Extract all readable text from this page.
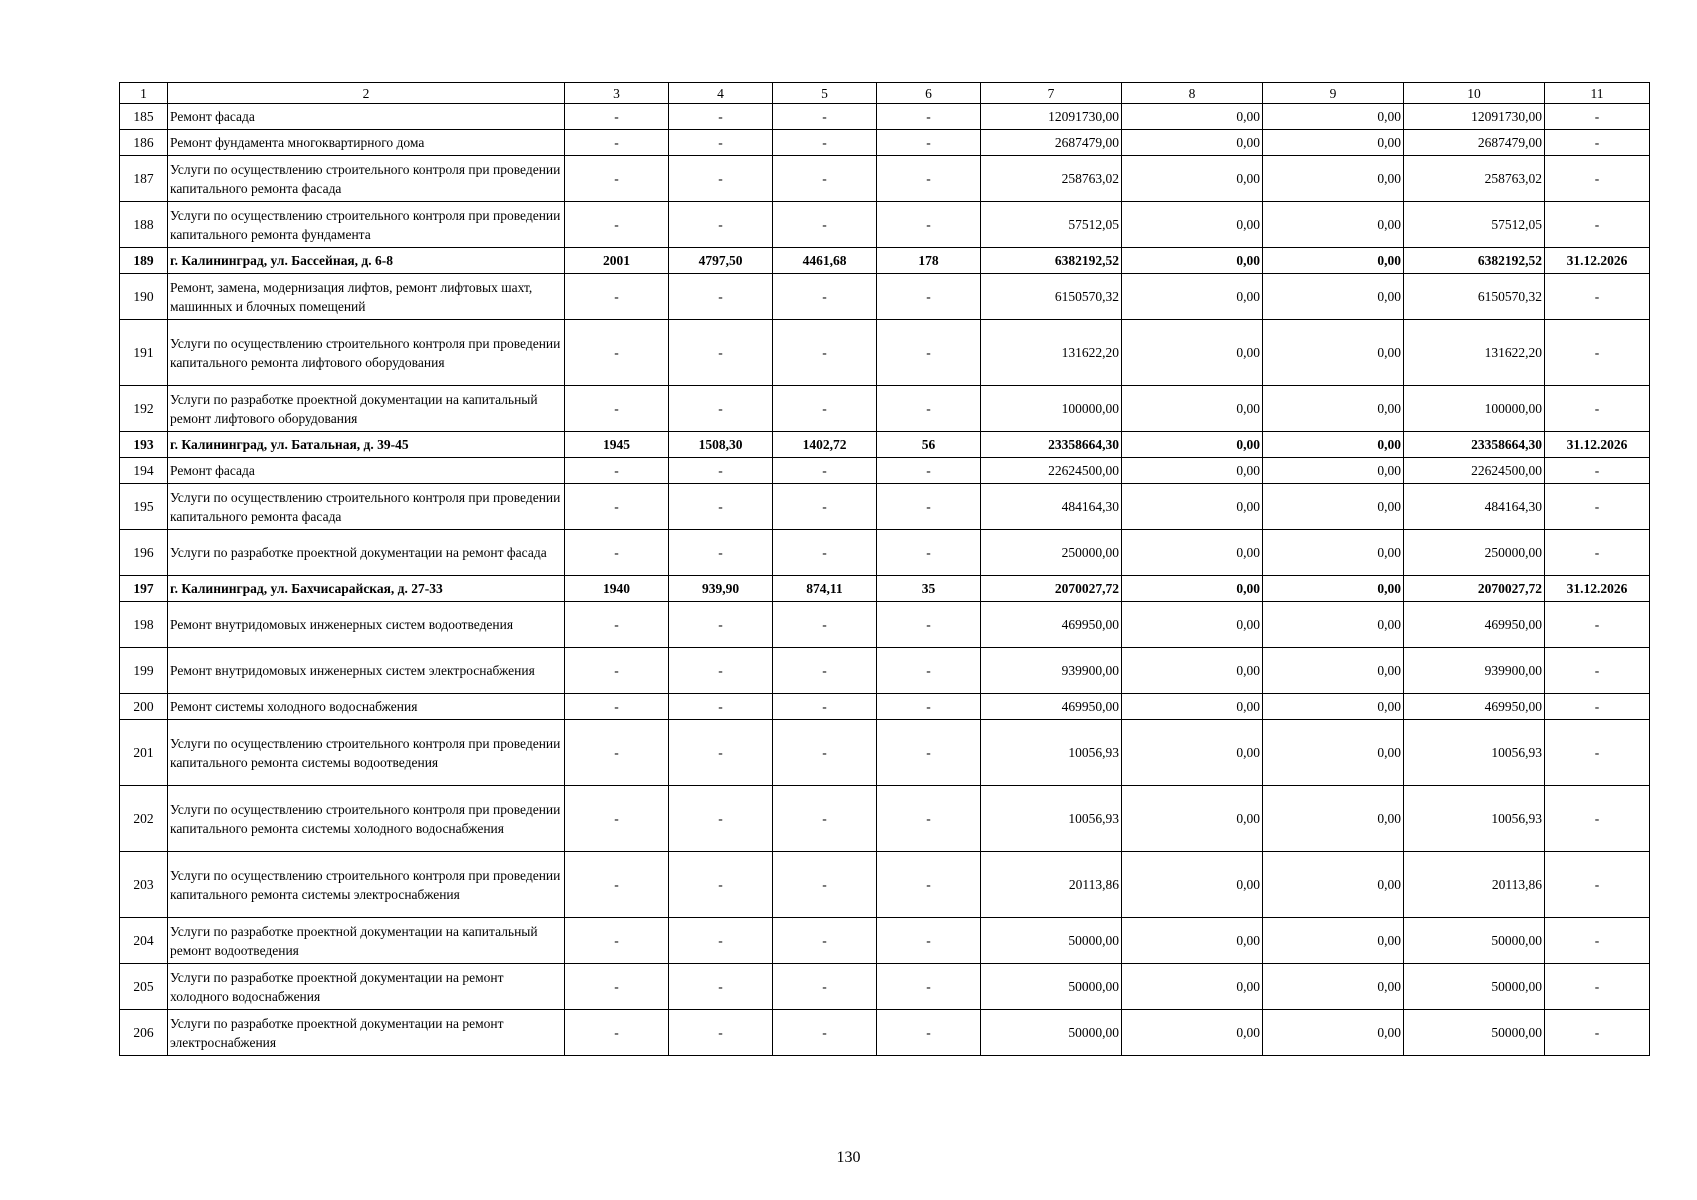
1	2	3	4	5	6	7	8	9	10	11
185	Ремонт фасада	-	-	-	-	12091730,00	0,00	0,00	12091730,00	-
186	Ремонт фундамента многоквартирного дома	-	-	-	-	2687479,00	0,00	0,00	2687479,00	-
187	Услуги по осуществлению строительного контроля при проведении капитального ремонта фасада	-	-	-	-	258763,02	0,00	0,00	258763,02	-
188	Услуги по осуществлению строительного контроля при проведении капитального ремонта фундамента	-	-	-	-	57512,05	0,00	0,00	57512,05	-
189	г. Калининград, ул. Бассейная, д. 6-8	2001	4797,50	4461,68	178	6382192,52	0,00	0,00	6382192,52	31.12.2026
190	Ремонт, замена, модернизация лифтов, ремонт лифтовых шахт, машинных и блочных помещений	-	-	-	-	6150570,32	0,00	0,00	6150570,32	-
191	Услуги по осуществлению строительного контроля при проведении капитального ремонта лифтового оборудования	-	-	-	-	131622,20	0,00	0,00	131622,20	-
192	Услуги по разработке проектной документации на капитальный ремонт лифтового оборудования	-	-	-	-	100000,00	0,00	0,00	100000,00	-
193	г. Калининград, ул. Батальная, д. 39-45	1945	1508,30	1402,72	56	23358664,30	0,00	0,00	23358664,30	31.12.2026
194	Ремонт фасада	-	-	-	-	22624500,00	0,00	0,00	22624500,00	-
195	Услуги по осуществлению строительного контроля при проведении капитального ремонта фасада	-	-	-	-	484164,30	0,00	0,00	484164,30	-
196	Услуги по разработке проектной документации на ремонт фасада	-	-	-	-	250000,00	0,00	0,00	250000,00	-
197	г. Калининград, ул. Бахчисарайская, д. 27-33	1940	939,90	874,11	35	2070027,72	0,00	0,00	2070027,72	31.12.2026
198	Ремонт внутридомовых инженерных систем водоотведения	-	-	-	-	469950,00	0,00	0,00	469950,00	-
199	Ремонт внутридомовых инженерных систем электроснабжения	-	-	-	-	939900,00	0,00	0,00	939900,00	-
200	Ремонт системы холодного водоснабжения	-	-	-	-	469950,00	0,00	0,00	469950,00	-
201	Услуги по осуществлению строительного контроля при проведении капитального ремонта системы водоотведения	-	-	-	-	10056,93	0,00	0,00	10056,93	-
202	Услуги по осуществлению строительного контроля при проведении капитального ремонта системы холодного водоснабжения	-	-	-	-	10056,93	0,00	0,00	10056,93	-
203	Услуги по осуществлению строительного контроля при проведении капитального ремонта системы электроснабжения	-	-	-	-	20113,86	0,00	0,00	20113,86	-
204	Услуги по разработке проектной документации на капитальный ремонт водоотведения	-	-	-	-	50000,00	0,00	0,00	50000,00	-
205	Услуги по разработке проектной документации на ремонт холодного водоснабжения	-	-	-	-	50000,00	0,00	0,00	50000,00	-
206	Услуги по разработке проектной документации на ремонт электроснабжения	-	-	-	-	50000,00	0,00	0,00	50000,00	-
130
